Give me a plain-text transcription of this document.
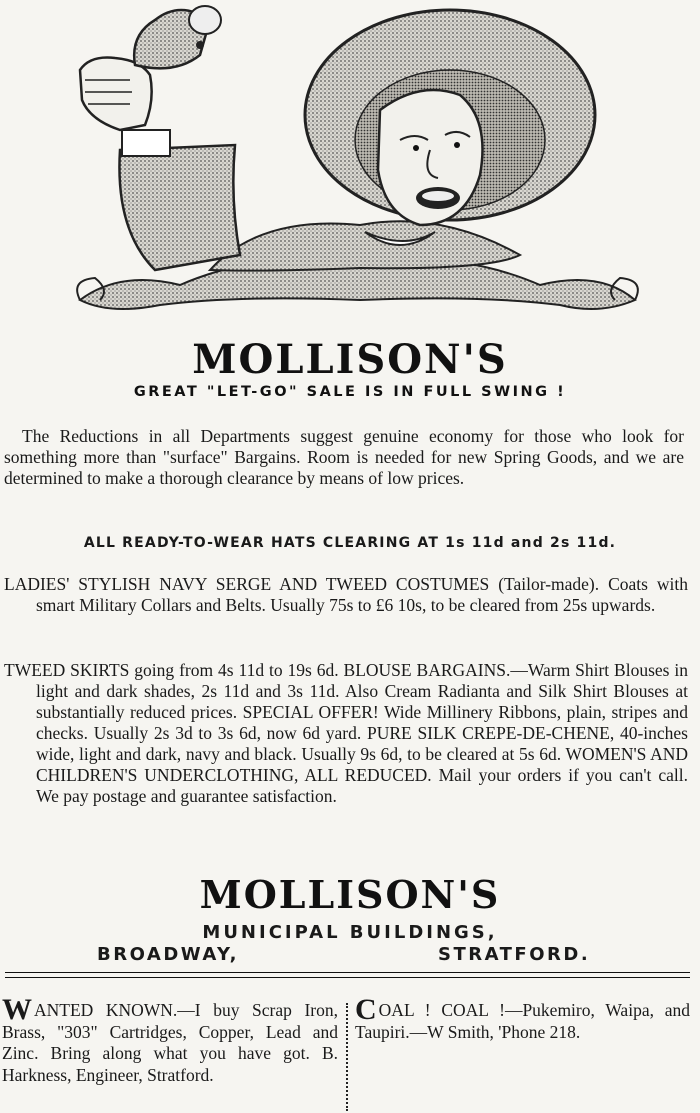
MOLLISON'S
GREAT "LET-GO" SALE IS IN FULL SWING !

The Reductions in all Departments suggest genuine economy for those who look for something more than "surface" Bargains. Room is needed for new Spring Goods, and we are determined to make a thorough clearance by means of low prices.

ALL READY-TO-WEAR HATS CLEARING AT 1s 11d and 2s 11d.

LADIES' STYLISH NAVY SERGE AND TWEED COSTUMES (Tailor-made). Coats with smart Military Collars and Belts. Usually 75s to £6 10s, to be cleared from 25s upwards.

TWEED SKIRTS going from 4s 11d to 19s 6d. BLOUSE BARGAINS.—Warm Shirt Blouses in light and dark shades, 2s 11d and 3s 11d. Also Cream Radianta and Silk Shirt Blouses at substantially reduced prices. SPECIAL OFFER! Wide Millinery Ribbons, plain, stripes and checks. Usually 2s 3d to 3s 6d, now 6d yard. PURE SILK CREPE-DE-CHENE, 40-inches wide, light and dark, navy and black. Usually 9s 6d, to be cleared at 5s 6d. WOMEN'S AND CHILDREN'S UNDERCLOTHING, ALL REDUCED. Mail your orders if you can't call. We pay postage and guarantee satisfaction.

MOLLISON'S
MUNICIPAL BUILDINGS,
BROADWAY,	STRATFORD.
WANTED KNOWN.—I buy Scrap Iron, Brass, "303" Cartridges, Copper, Lead and Zinc. Bring along what you have got. B. Harkness, Engineer, Stratford.
COAL ! COAL !—Pukemiro, Waipa, and Taupiri.—W Smith, 'Phone 218.
